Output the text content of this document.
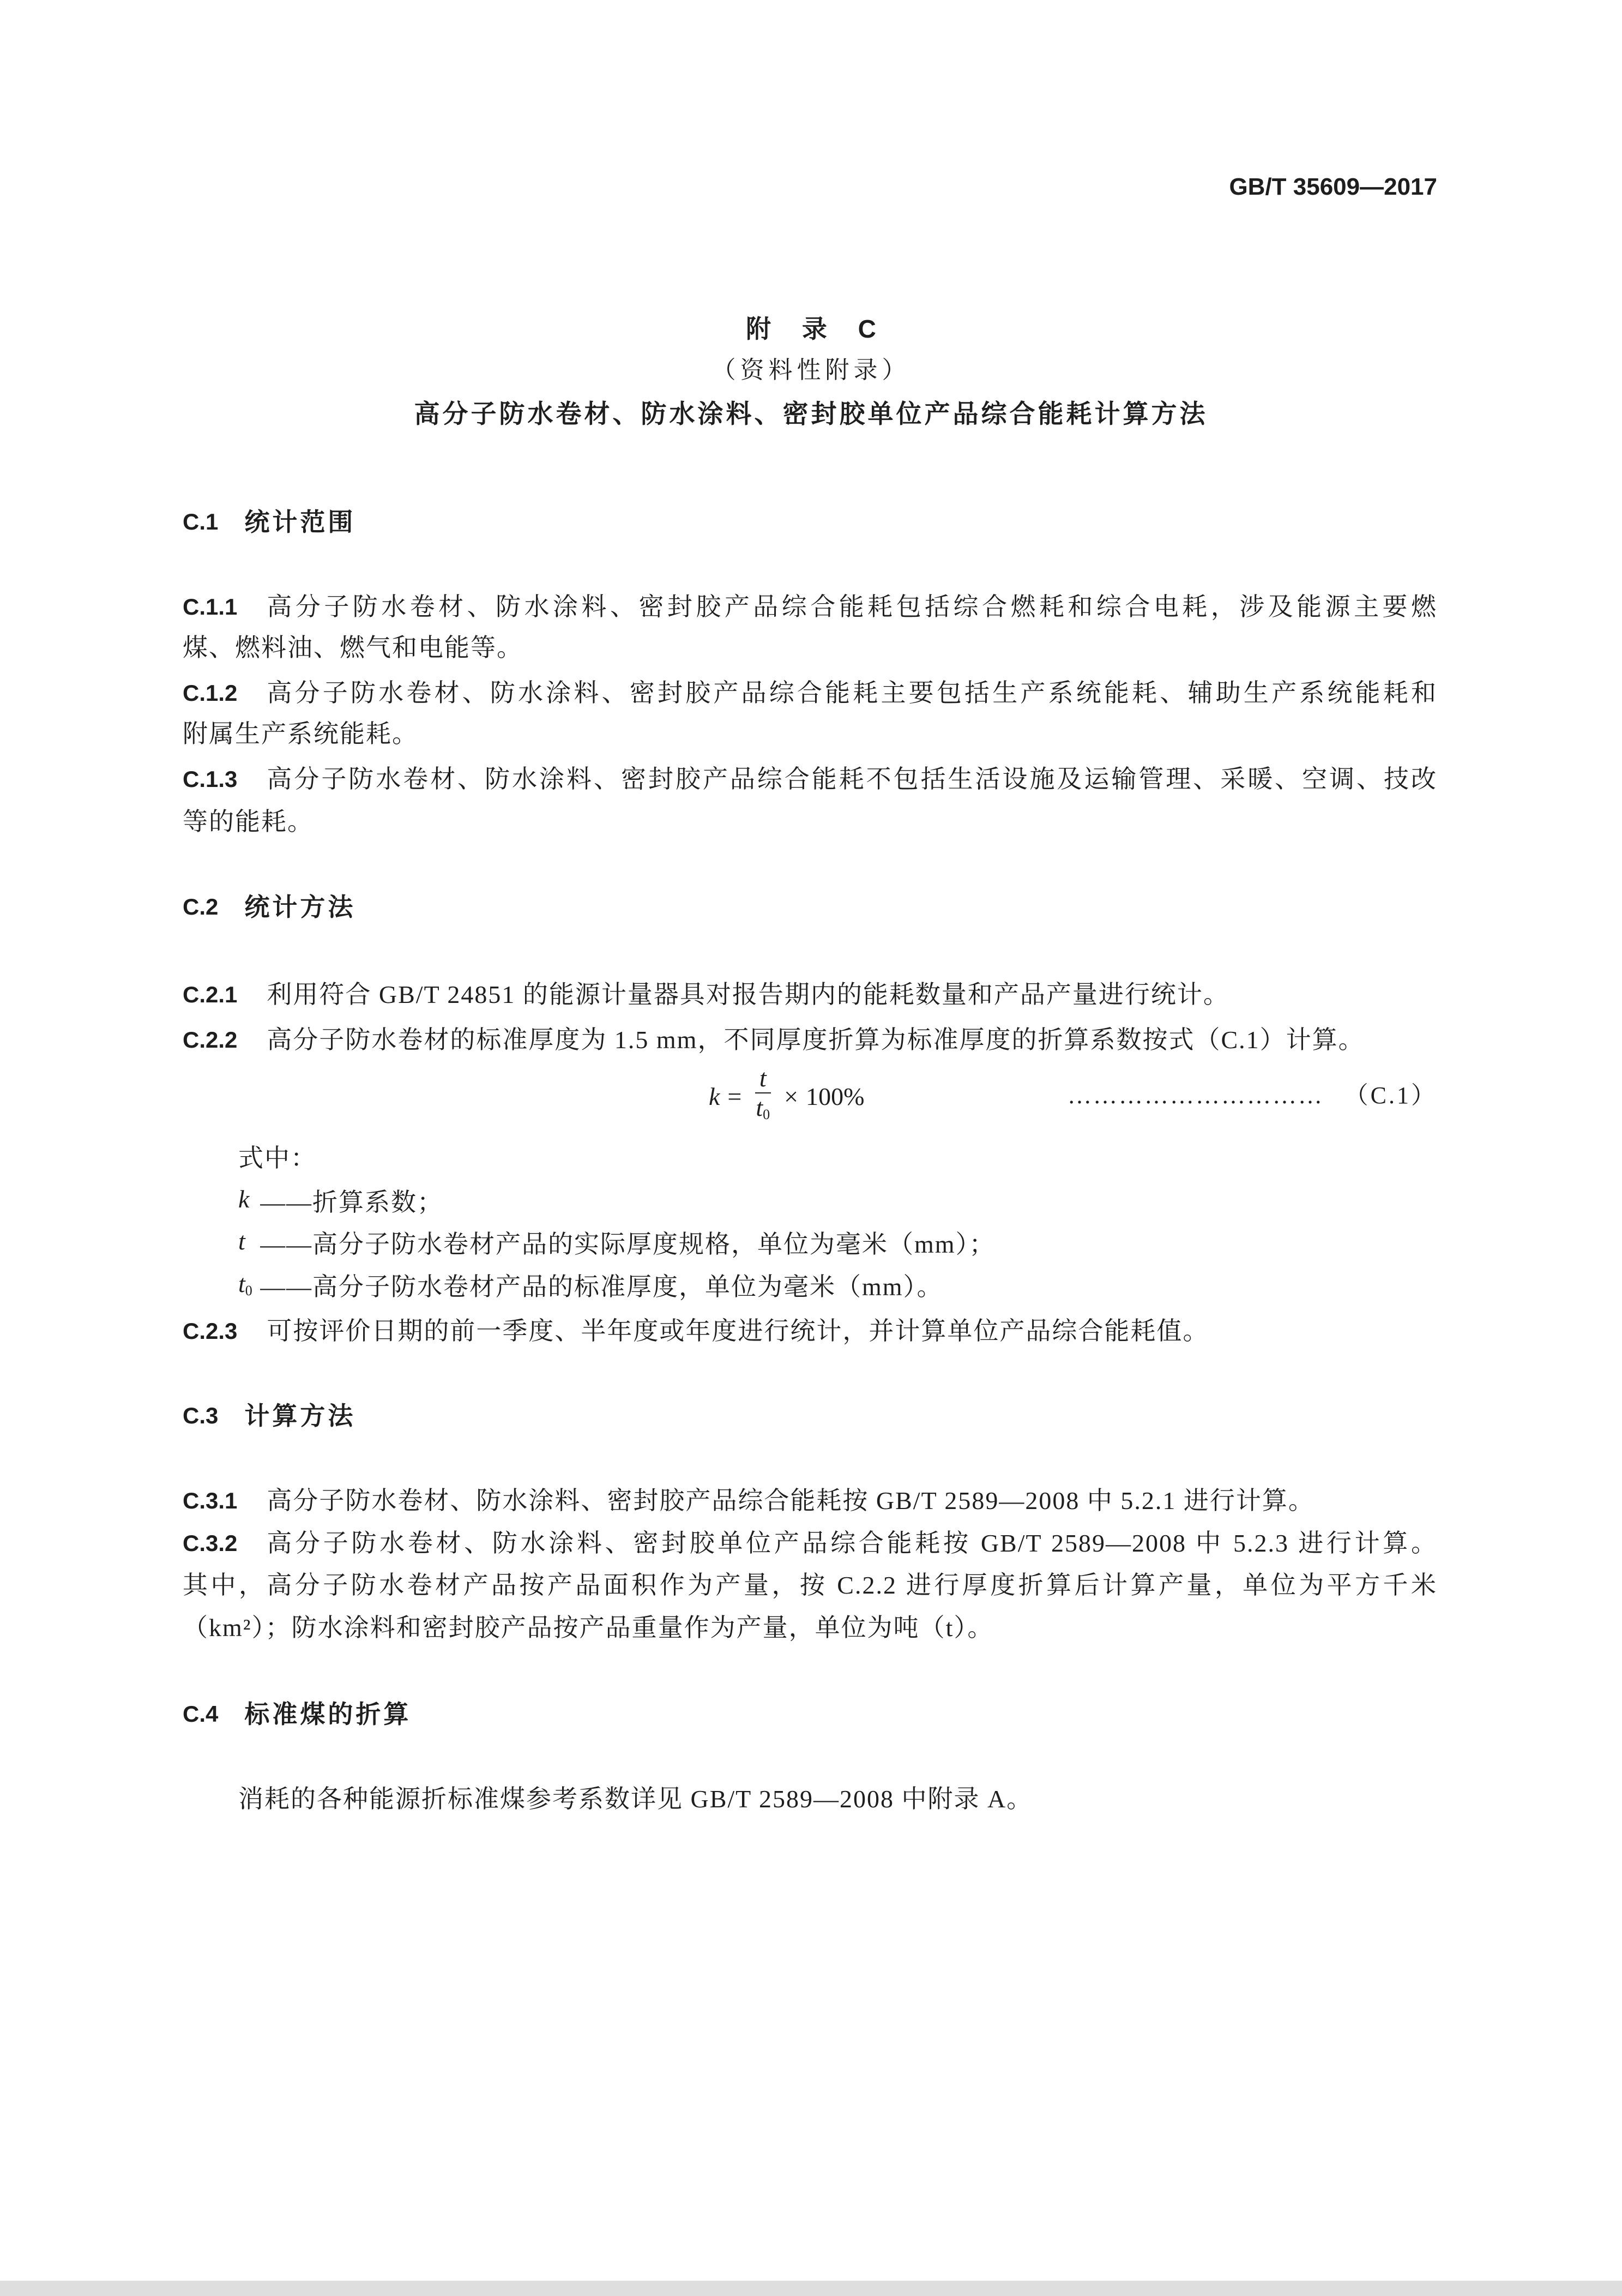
GB/T 35609—2017
附 录 C
（资料性附录）
高分子防水卷材、防水涂料、密封胶单位产品综合能耗计算方法
C.1 统计范围
C.1.1 高分子防水卷材、防水涂料、密封胶产品综合能耗包括综合燃耗和综合电耗，涉及能源主要燃
煤、燃料油、燃气和电能等。
C.1.2 高分子防水卷材、防水涂料、密封胶产品综合能耗主要包括生产系统能耗、辅助生产系统能耗和
附属生产系统能耗。
C.1.3 高分子防水卷材、防水涂料、密封胶产品综合能耗不包括生活设施及运输管理、采暖、空调、技改
等的能耗。
C.2 统计方法
C.2.1 利用符合 GB/T 24851 的能源计量器具对报告期内的能耗数量和产品产量进行统计。
C.2.2 高分子防水卷材的标准厚度为 1.5 mm，不同厚度折算为标准厚度的折算系数按式（C.1）计算。
$k = \frac{t}{t_0} \times 100\%$	………………………… （C.1）
式中：
k ——折算系数；
t ——高分子防水卷材产品的实际厚度规格，单位为毫米（mm）；
$t_0$ ——高分子防水卷材产品的标准厚度，单位为毫米（mm）。
C.2.3 可按评价日期的前一季度、半年度或年度进行统计，并计算单位产品综合能耗值。
C.3 计算方法
C.3.1 高分子防水卷材、防水涂料、密封胶产品综合能耗按 GB/T 2589—2008 中 5.2.1 进行计算。
C.3.2 高分子防水卷材、防水涂料、密封胶单位产品综合能耗按 GB/T 2589—2008 中 5.2.3 进行计算。
其中，高分子防水卷材产品按产品面积作为产量，按 C.2.2 进行厚度折算后计算产量，单位为平方千米
（km²）；防水涂料和密封胶产品按产品重量作为产量，单位为吨（t）。
C.4 标准煤的折算
消耗的各种能源折标准煤参考系数详见 GB/T 2589—2008 中附录 A。
